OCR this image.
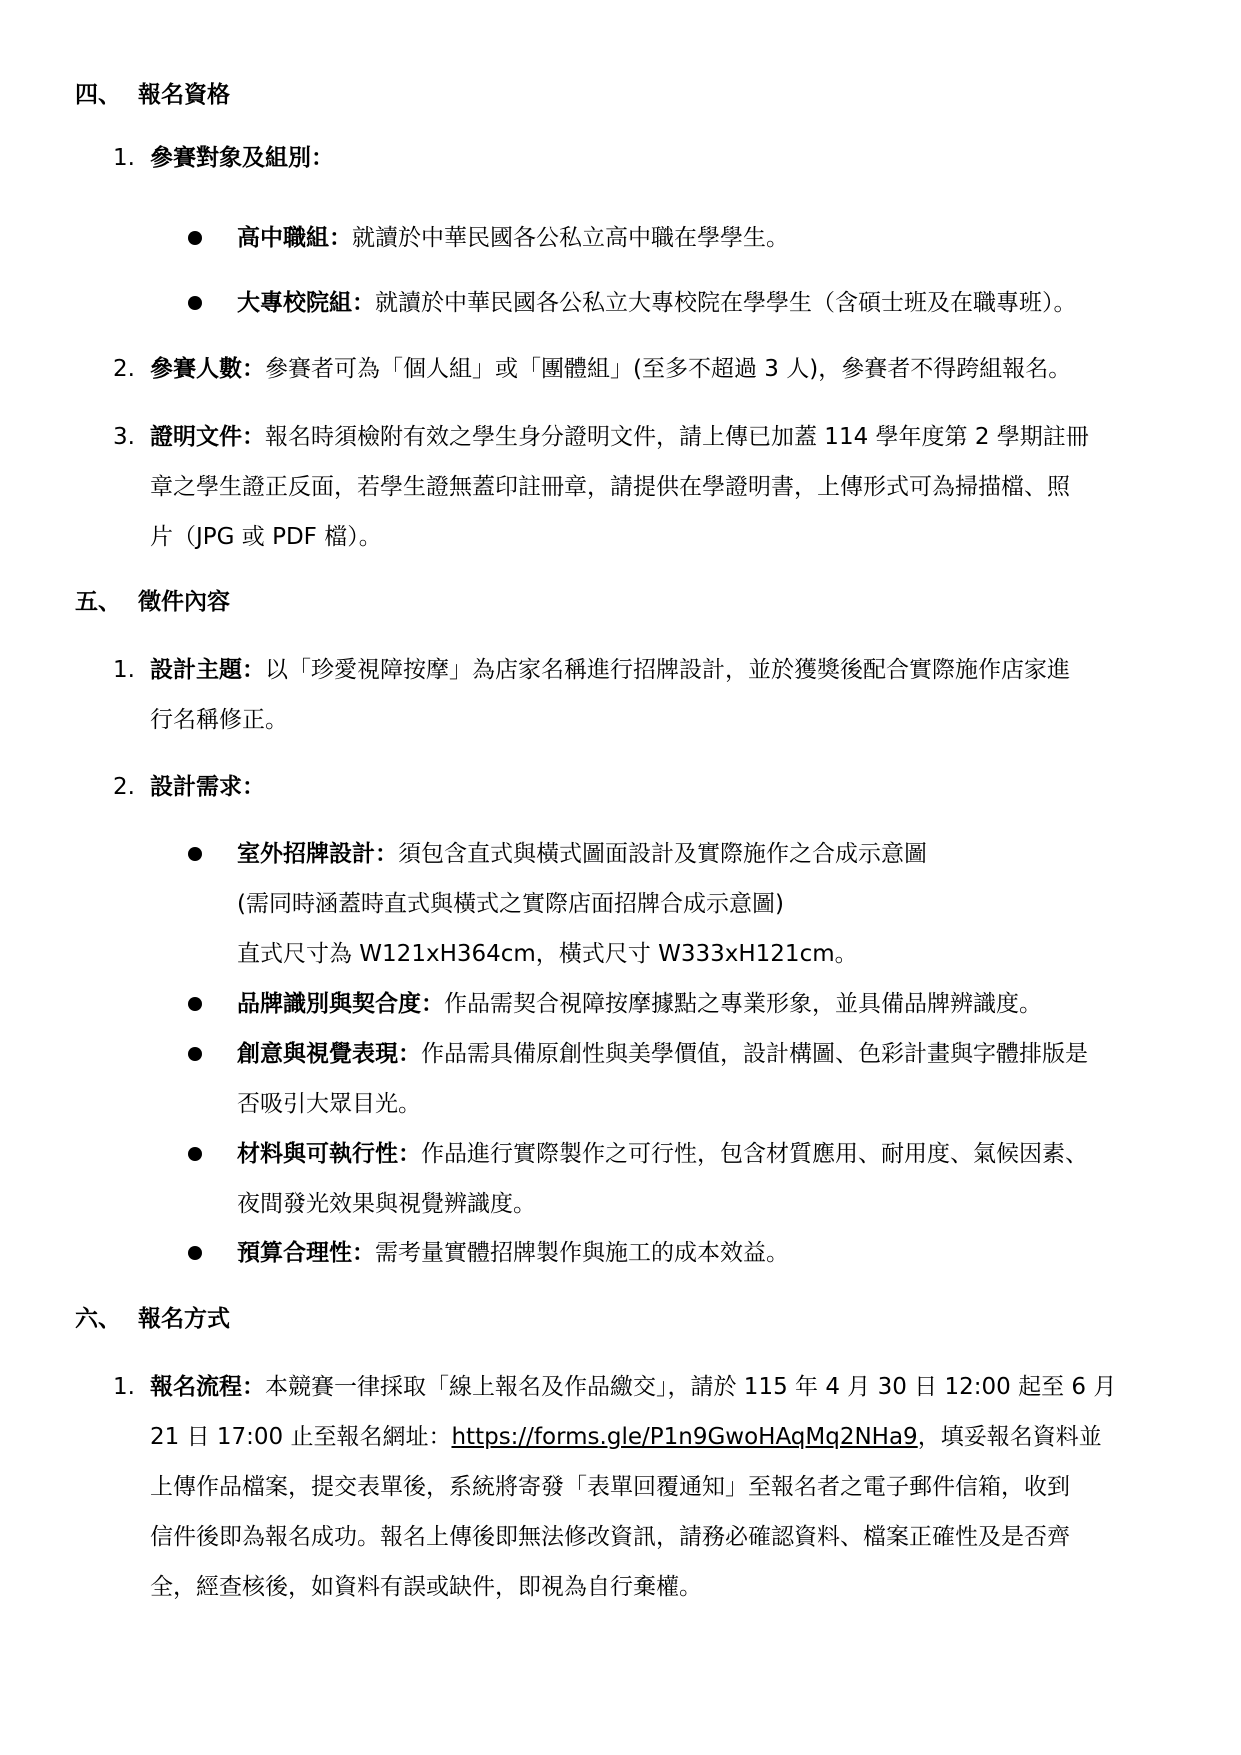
四、 報名資格
1. 參賽對象及組別：
高中職組：就讀於中華民國各公私立高中職在學學生。
大專校院組：就讀於中華民國各公私立大專校院在學學生（含碩士班及在職專班）。
2. 參賽人數：參賽者可為「個人組」或「團體組」(至多不超過 3 人)，參賽者不得跨組報名。
3. 證明文件：報名時須檢附有效之學生身分證明文件，請上傳已加蓋 114 學年度第 2 學期註冊
章之學生證正反面，若學生證無蓋印註冊章，請提供在學證明書，上傳形式可為掃描檔、照
片（JPG 或 PDF 檔）。
五、 徵件內容
1. 設計主題：以「珍愛視障按摩」為店家名稱進行招牌設計，並於獲獎後配合實際施作店家進
行名稱修正。
2. 設計需求：
室外招牌設計：須包含直式與橫式圖面設計及實際施作之合成示意圖
(需同時涵蓋時直式與橫式之實際店面招牌合成示意圖)
直式尺寸為 W121xH364cm，橫式尺寸 W333xH121cm。
品牌識別與契合度：作品需契合視障按摩據點之專業形象，並具備品牌辨識度。
創意與視覺表現：作品需具備原創性與美學價值，設計構圖、色彩計畫與字體排版是
否吸引大眾目光。
材料與可執行性：作品進行實際製作之可行性，包含材質應用、耐用度、氣候因素、
夜間發光效果與視覺辨識度。
預算合理性：需考量實體招牌製作與施工的成本效益。
六、 報名方式
1. 報名流程：本競賽一律採取「線上報名及作品繳交」，請於 115 年 4 月 30 日 12:00 起至 6 月
21 日 17:00 止至報名網址：https://forms.gle/P1n9GwoHAqMq2NHa9，填妥報名資料並
上傳作品檔案，提交表單後，系統將寄發「表單回覆通知」至報名者之電子郵件信箱，收到
信件後即為報名成功。報名上傳後即無法修改資訊，請務必確認資料、檔案正確性及是否齊
全，經查核後，如資料有誤或缺件，即視為自行棄權。
